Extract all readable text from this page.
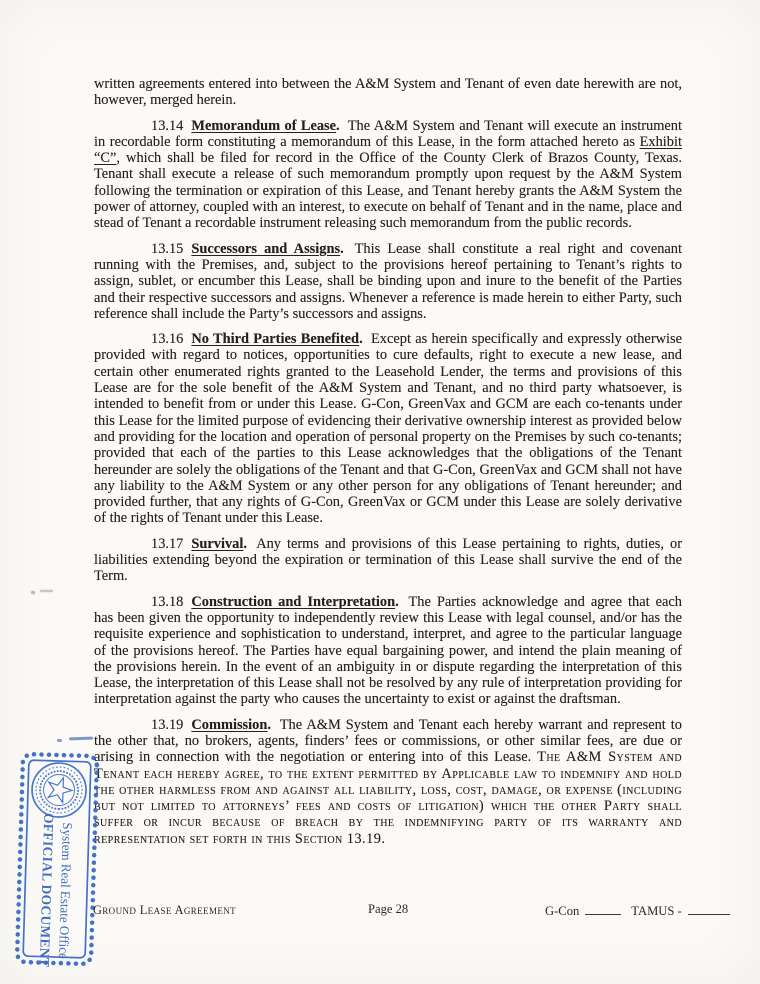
written agreements entered into between the A&M System and Tenant of even date herewith are not, however, merged herein.

13.14 Memorandum of Lease. The A&M System and Tenant will execute an instrument in recordable form constituting a memorandum of this Lease, in the form attached hereto as Exhibit “C”, which shall be filed for record in the Office of the County Clerk of Brazos County, Texas. Tenant shall execute a release of such memorandum promptly upon request by the A&M System following the termination or expiration of this Lease, and Tenant hereby grants the A&M System the power of attorney, coupled with an interest, to execute on behalf of Tenant and in the name, place and stead of Tenant a recordable instrument releasing such memorandum from the public records.

13.15 Successors and Assigns. This Lease shall constitute a real right and covenant running with the Premises, and, subject to the provisions hereof pertaining to Tenant’s rights to assign, sublet, or encumber this Lease, shall be binding upon and inure to the benefit of the Parties and their respective successors and assigns. Whenever a reference is made herein to either Party, such reference shall include the Party’s successors and assigns.

13.16 No Third Parties Benefited. Except as herein specifically and expressly otherwise provided with regard to notices, opportunities to cure defaults, right to execute a new lease, and certain other enumerated rights granted to the Leasehold Lender, the terms and provisions of this Lease are for the sole benefit of the A&M System and Tenant, and no third party whatsoever, is intended to benefit from or under this Lease. G-Con, GreenVax and GCM are each co-tenants under this Lease for the limited purpose of evidencing their derivative ownership interest as provided below and providing for the location and operation of personal property on the Premises by such co-tenants; provided that each of the parties to this Lease acknowledges that the obligations of the Tenant hereunder are solely the obligations of the Tenant and that G-Con, GreenVax and GCM shall not have any liability to the A&M System or any other person for any obligations of Tenant hereunder; and provided further, that any rights of G-Con, GreenVax or GCM under this Lease are solely derivative of the rights of Tenant under this Lease.

13.17 Survival. Any terms and provisions of this Lease pertaining to rights, duties, or liabilities extending beyond the expiration or termination of this Lease shall survive the end of the Term.

13.18 Construction and Interpretation. The Parties acknowledge and agree that each has been given the opportunity to independently review this Lease with legal counsel, and/or has the requisite experience and sophistication to understand, interpret, and agree to the particular language of the provisions hereof. The Parties have equal bargaining power, and intend the plain meaning of the provisions herein. In the event of an ambiguity in or dispute regarding the interpretation of this Lease, the interpretation of this Lease shall not be resolved by any rule of interpretation providing for interpretation against the party who causes the uncertainty to exist or against the draftsman.

13.19 Commission. The A&M System and Tenant each hereby warrant and represent to the other that, no brokers, agents, finders’ fees or commissions, or other similar fees, are due or arising in connection with the negotiation or entering into of this Lease. The A&M System and Tenant each hereby agree, to the extent permitted by Applicable law to indemnify and hold the other harmless from and against all liability, loss, cost, damage, or expense (including but not limited to attorneys’ fees and costs of litigation) which the other Party shall suffer or incur because of breach by the indemnifying party of its warranty and representation set forth in this Section 13.19.

System Real Estate Office
OFFICIAL DOCUMENT	Ground Lease Agreement	Page 28	G-Con	TAMUS -
